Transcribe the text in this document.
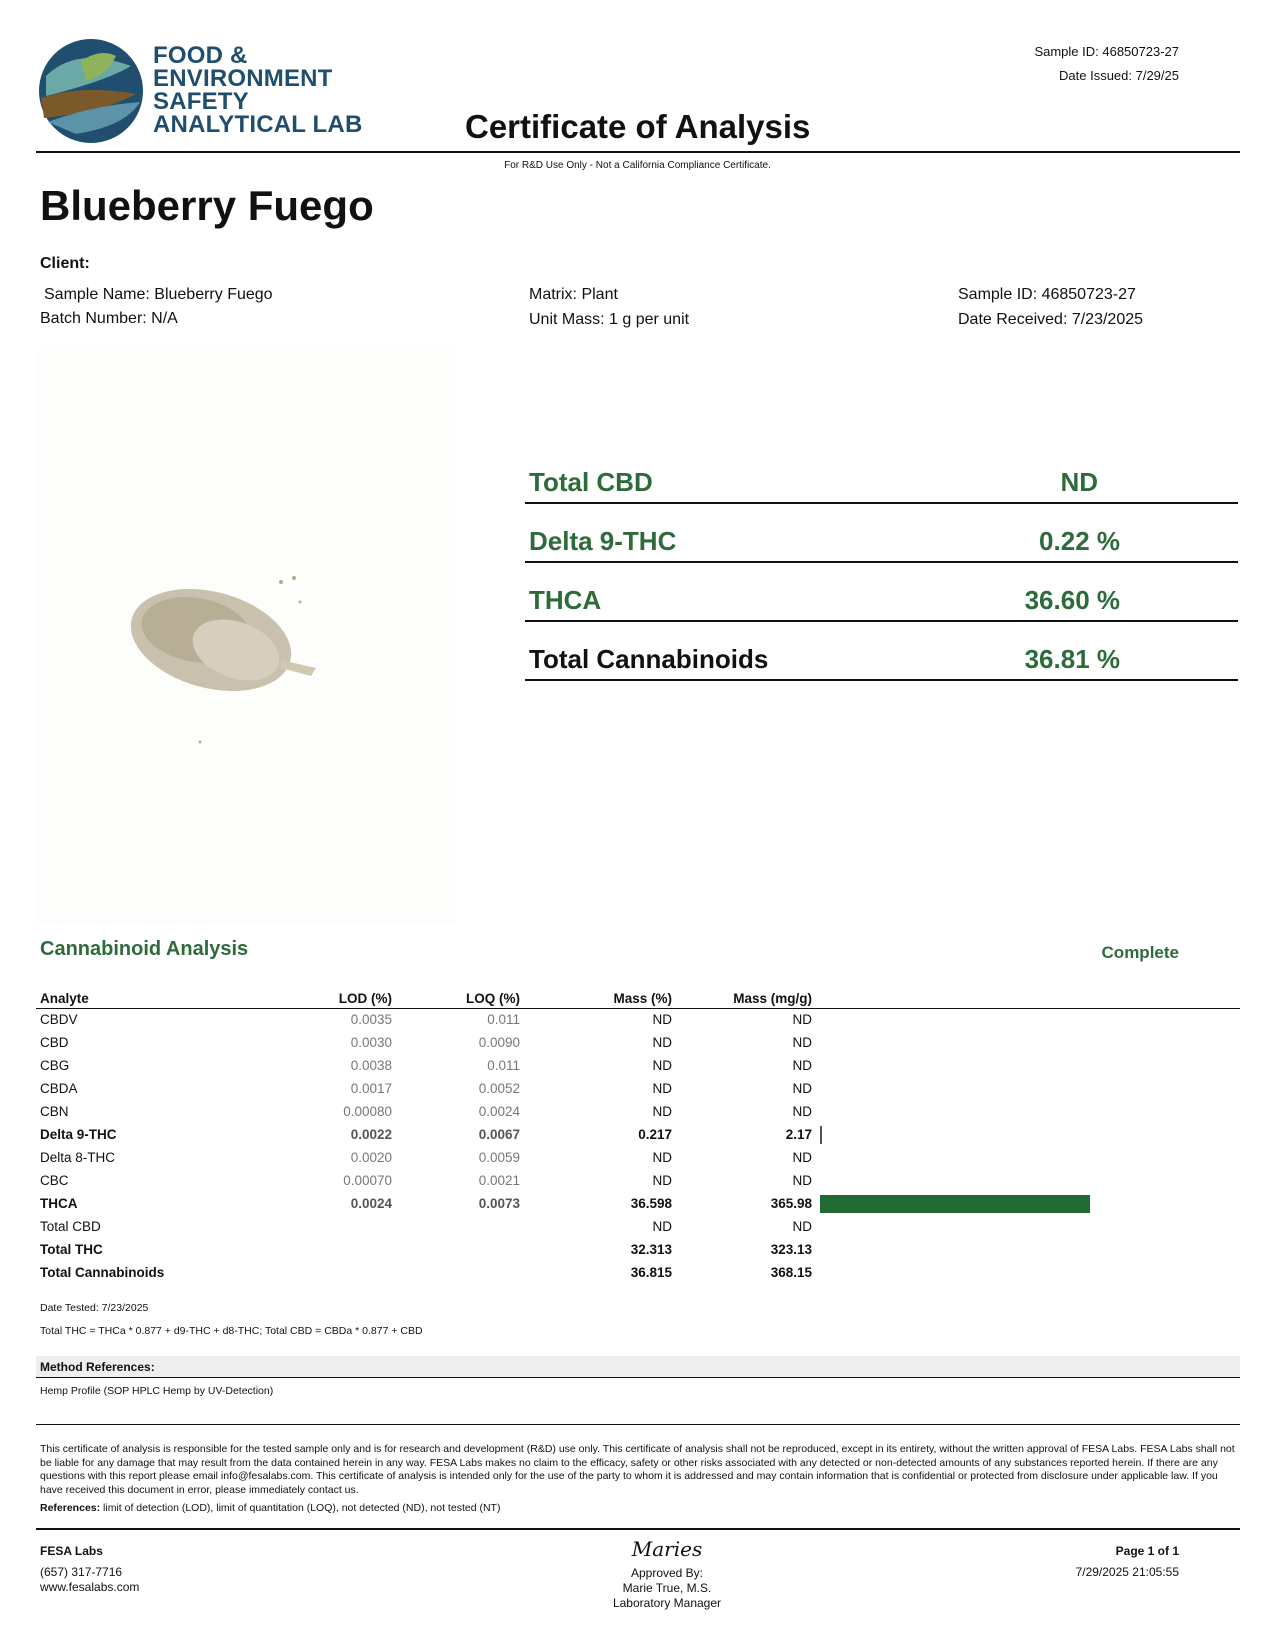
FOOD &
ENVIRONMENT
SAFETY
ANALYTICAL LAB
Sample ID: 46850723-27
Date Issued: 7/29/25
Certificate of Analysis
For R&D Use Only - Not a California Compliance Certificate.
Blueberry Fuego
Client:
Sample Name: Blueberry Fuego
Batch Number: N/A
Matrix: Plant
Unit Mass: 1 g per unit
Sample ID: 46850723-27
Date Received: 7/23/2025
Total CBD	ND
Delta 9-THC	0.22 %
THCA	36.60 %
Total Cannabinoids	36.81 %
Cannabinoid Analysis	Complete
Analyte	LOD (%)	LOQ (%)	Mass (%)	Mass (mg/g)	
CBDV	0.0035	0.011	ND	ND	
CBD	0.0030	0.0090	ND	ND	
CBG	0.0038	0.011	ND	ND	
CBDA	0.0017	0.0052	ND	ND	
CBN	0.00080	0.0024	ND	ND	
Delta 9-THC	0.0022	0.0067	0.217	2.17	

Delta 8-THC	0.0020	0.0059	ND	ND	
CBC	0.00070	0.0021	ND	ND	
THCA	0.0024	0.0073	36.598	365.98	

Total CBD			ND	ND	
Total THC			32.313	323.13	
Total Cannabinoids			36.815	368.15	
Date Tested: 7/23/2025
Total THC = THCa * 0.877 + d9-THC + d8-THC; Total CBD = CBDa * 0.877 + CBD
Method References:
Hemp Profile (SOP HPLC Hemp by UV-Detection)
This certificate of analysis is responsible for the tested sample only and is for research and development (R&D) use only. This certificate of analysis shall not be reproduced, except in its entirety, without the written approval of FESA Labs. FESA Labs shall not be liable for any damage that may result from the data contained herein in any way. FESA Labs makes no claim to the efficacy, safety or other risks associated with any detected or non-detected amounts of any substances reported herein. If there are any questions with this report please email info@fesalabs.com. This certificate of analysis is intended only for the use of the party to whom it is addressed and may contain information that is confidential or protected from disclosure under applicable law. If you have received this document in error, please immediately contact us.
References: limit of detection (LOD), limit of quantitation (LOQ), not detected (ND), not tested (NT)
FESA Labs
(657) 317-7716
www.fesalabs.com
Maries
Approved By:
Marie True, M.S.
Laboratory Manager
Page 1 of 1
7/29/2025 21:05:55
